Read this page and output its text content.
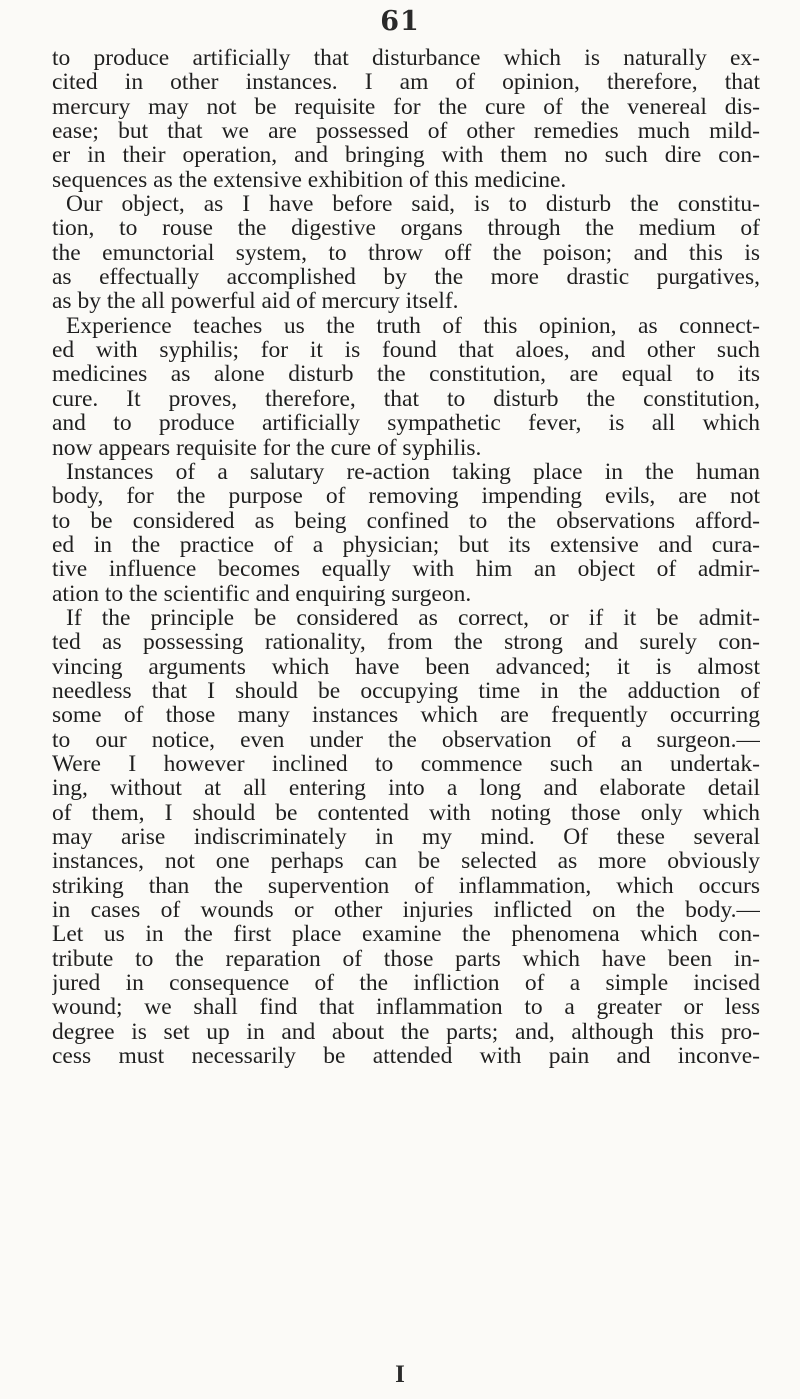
61
to produce artificially that disturbance which is naturally ex-
cited in other instances. I am of opinion, therefore, that
mercury may not be requisite for the cure of the venereal dis-
ease; but that we are possessed of other remedies much mild-
er in their operation, and bringing with them no such dire con-
sequences as the extensive exhibition of this medicine.
Our object, as I have before said, is to disturb the constitu-
tion, to rouse the digestive organs through the medium of
the emunctorial system, to throw off the poison; and this is
as effectually accomplished by the more drastic purgatives,
as by the all powerful aid of mercury itself.
Experience teaches us the truth of this opinion, as connect-
ed with syphilis; for it is found that aloes, and other such
medicines as alone disturb the constitution, are equal to its
cure. It proves, therefore, that to disturb the constitution,
and to produce artificially sympathetic fever, is all which
now appears requisite for the cure of syphilis.
Instances of a salutary re-action taking place in the human
body, for the purpose of removing impending evils, are not
to be considered as being confined to the observations afford-
ed in the practice of a physician; but its extensive and cura-
tive influence becomes equally with him an object of admir-
ation to the scientific and enquiring surgeon.
If the principle be considered as correct, or if it be admit-
ted as possessing rationality, from the strong and surely con-
vincing arguments which have been advanced; it is almost
needless that I should be occupying time in the adduction of
some of those many instances which are frequently occurring
to our notice, even under the observation of a surgeon.—
Were I however inclined to commence such an undertak-
ing, without at all entering into a long and elaborate detail
of them, I should be contented with noting those only which
may arise indiscriminately in my mind. Of these several
instances, not one perhaps can be selected as more obviously
striking than the supervention of inflammation, which occurs
in cases of wounds or other injuries inflicted on the body.—
Let us in the first place examine the phenomena which con-
tribute to the reparation of those parts which have been in-
jured in consequence of the infliction of a simple incised
wound; we shall find that inflammation to a greater or less
degree is set up in and about the parts; and, although this pro-
cess must necessarily be attended with pain and inconve-
I
